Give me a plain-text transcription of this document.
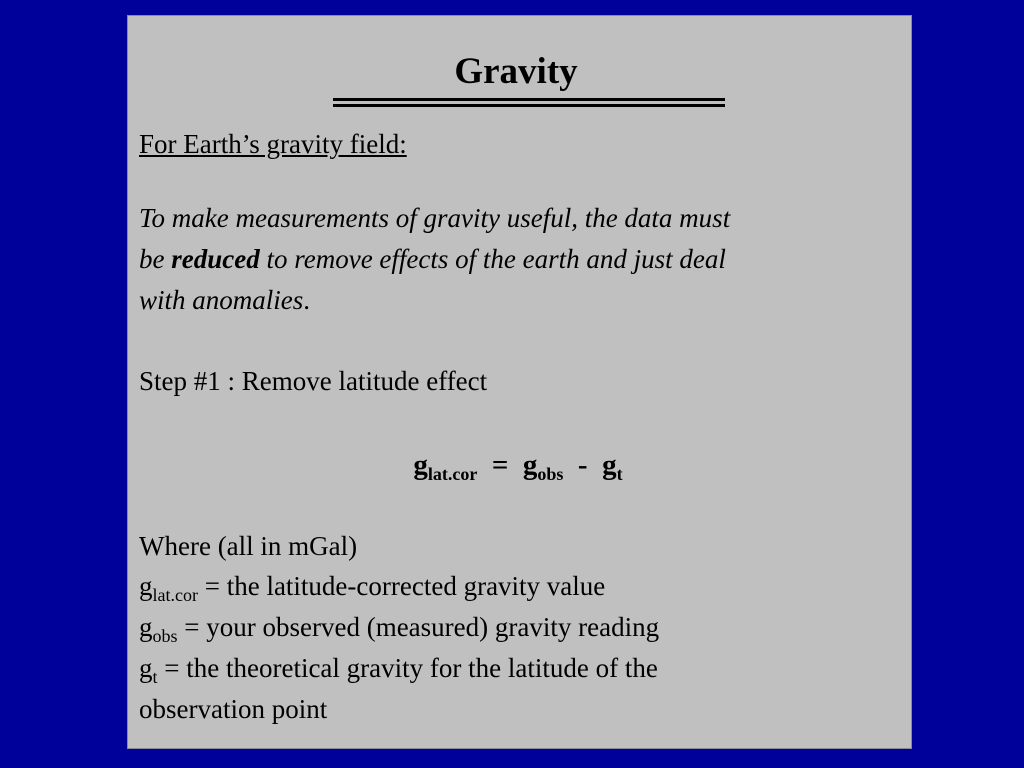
Gravity
For Earth’s gravity field:
To make measurements of gravity useful, the data must
be reduced to remove effects of the earth and just deal
with anomalies.
Step #1 : Remove latitude effect
$g_{lat.cor} = g_{obs} - g_t$
Where (all in mGal)
$g_{lat.cor}$ = the latitude-corrected gravity value
$g_{obs}$ = your observed (measured) gravity reading
$g_t$ = the theoretical gravity for the latitude of the
observation point
